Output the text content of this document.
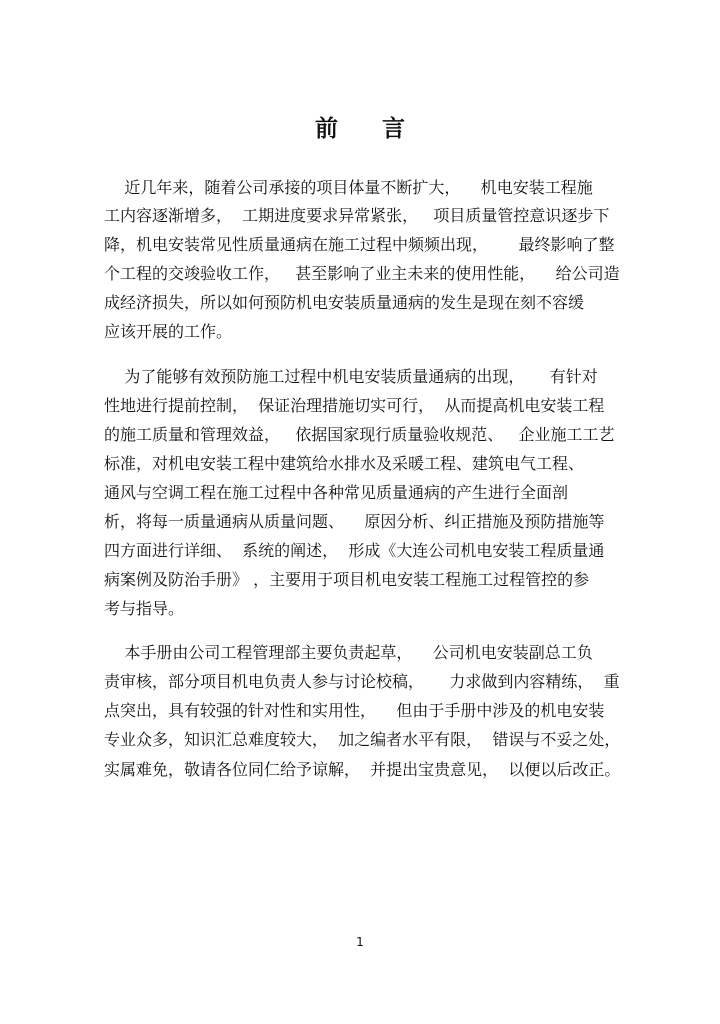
前 言

近几年来，随着公司承接的项目体量不断扩大，    机电安装工程施

工内容逐渐增多，  工期进度要求异常紧张，   项目质量管控意识逐步下

降，机电安装常见性质量通病在施工过程中频频出现，      最终影响了整

个工程的交竣验收工作，   甚至影响了业主未来的使用性能，    给公司造

成经济损失，所以如何预防机电安装质量通病的发生是现在刻不容缓

应该开展的工作。

为了能够有效预防施工过程中机电安装质量通病的出现，     有针对

性地进行提前控制，  保证治理措施切实可行，  从而提高机电安装工程

的施工质量和管理效益，   依据国家现行质量验收规范、   企业施工工艺

标准，对机电安装工程中建筑给水排水及采暖工程、建筑电气工程、

通风与空调工程在施工过程中各种常见质量通病的产生进行全面剖

析，将每一质量通病从质量问题、    原因分析、纠正措施及预防措施等

四方面进行详细、  系统的阐述，  形成《大连公司机电安装工程质量通

病案例及防治手册》 ，主要用于项目机电安装工程施工过程管控的参

考与指导。

本手册由公司工程管理部主要负责起草，    公司机电安装副总工负

责审核，部分项目机电负责人参与讨论校稿，     力求做到内容精练，  重

点突出，具有较强的针对性和实用性，    但由于手册中涉及的机电安装

专业众多，知识汇总难度较大，  加之编者水平有限，  错误与不妥之处，

实属难免，敬请各位同仁给予谅解，  并提出宝贵意见，  以便以后改正。

1
